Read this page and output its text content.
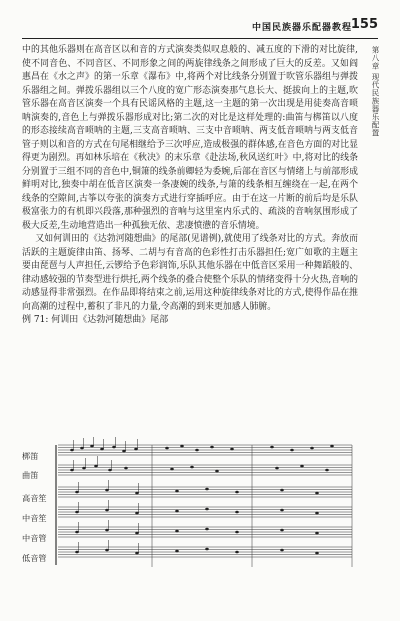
中国民族器乐配器教程
155
第八章 现代民族器乐配置

中的其他乐器则在高音区以和音的方式演奏类似叹息般的、减五度的下滑的对比旋律,使不同音色、不同音区、不同形象之间的两旋律线条之间形成了巨大的反差。又如阎惠昌在《水之声》的第一乐章《瀑布》中,将两个对比线条分别置于吹管乐器组与弹拨乐器组之间。弹拨乐器组以三个八度的宽广形态演奏那气息长大、挺拔向上的主题,吹管乐器在高音区演奏一个具有民谣风格的主题,这一主题的第一次出现是用徒奏高音唢呐演奏的,音色上与弹拨乐器形成对比;第二次的对比是这样处理的:曲笛与梆笛以八度的形态接续高音唢呐的主题,三支高音唢呐、三支中音唢呐、两支低音唢呐与两支低音管子则以和音的方式在句尾相继给予三次呼应,造成极强的群体感,在音色方面的对比显得更为剧烈。再如林乐培在《秋决》的末乐章《赴法场,秋风送红叶》中,将对比的线条分别置于三组不同的音色中,铜箫的线条前卿轻为委婉,后部在音区与情绪上与前部形成鲜明对比,独奏中胡在低音区演奏一条凄婉的线条,与箫的线条相互缠绕在一起,在两个线条的空隙间,古筝以夸张的演奏方式进行穿插呼应。由于在这一片断的前后均是乐队极富张力的有机即兴段落,那种强烈的音响与这里室内乐式的、疏淡的音响氛围形成了极大反差,生动地营造出一种孤独无依、悲凄愤懑的音乐情境。

又如何训田的《达勃河随想曲》的尾部(见谱例),就使用了线条对比的方式。奔放而活跃的主题旋律由笛、扬琴、二胡与有音高的色彩性打击乐器担任;宽广如歌的主题主要由琵琶与人声担任,云锣给予色彩润饰,乐队其他乐器在中低音区采用一种舞蹈般的、律动感较强的节奏型进行烘托,两个线条的叠合使整个乐队的情绪变得十分火热,音响的动感显得非常强烈。在作品即将结束之前,运用这种旋律线条对比的方式,使得作品在推向高潮的过程中,蓄积了非凡的力量,令高潮的到来更加感人肺腑。

例 71: 何训田《达勃河随想曲》尾部

梆笛
曲笛
高音笙
中音笙
中音管
低音管
